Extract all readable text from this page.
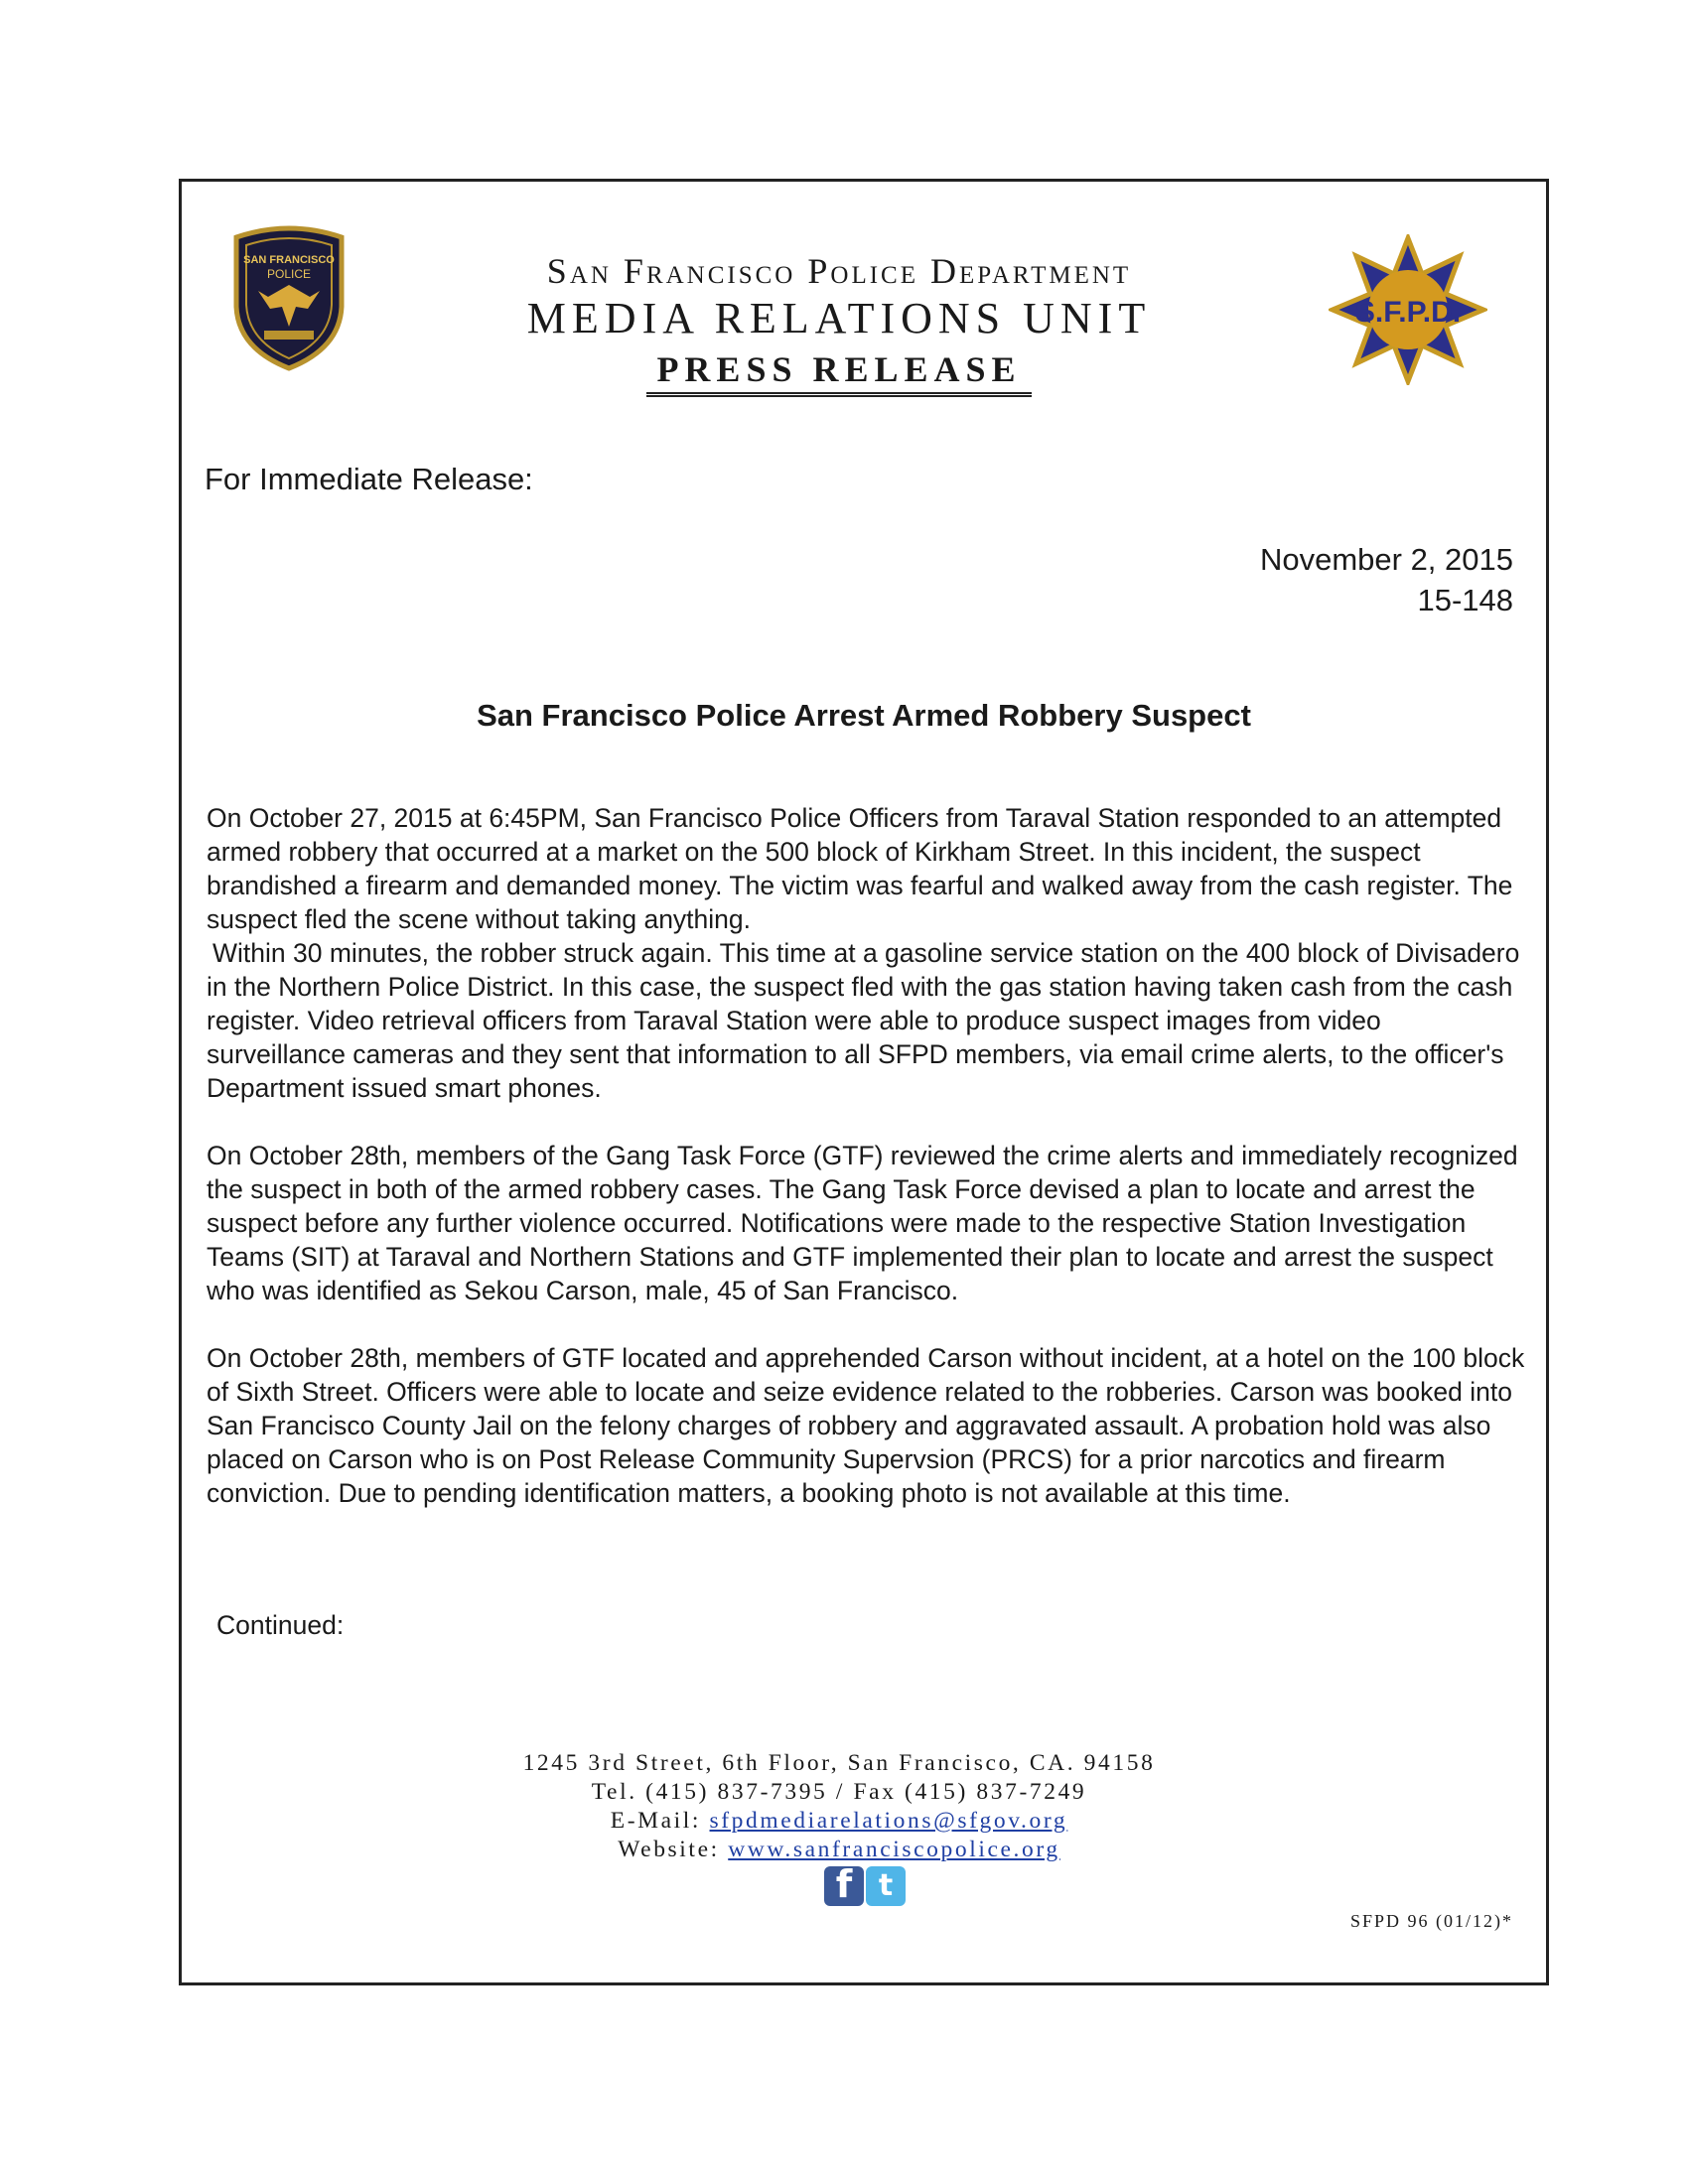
SAN FRANCISCO
POLICE
S.F.P.D.
San Francisco Police Department
MEDIA RELATIONS UNIT
PRESS RELEASE
For Immediate Release:
November 2, 2015
15-148
San Francisco Police Arrest Armed Robbery Suspect

On October 27, 2015 at 6:45PM, San Francisco Police Officers from Taraval Station responded to an attempted armed robbery that occurred at a market on the 500 block of Kirkham Street. In this incident, the suspect brandished a firearm and demanded money. The victim was fearful and walked away from the cash register. The suspect fled the scene without taking anything.
Within 30 minutes, the robber struck again. This time at a gasoline service station on the 400 block of Divisadero in the Northern Police District. In this case, the suspect fled with the gas station having taken cash from the cash register. Video retrieval officers from Taraval Station were able to produce suspect images from video surveillance cameras and they sent that information to all SFPD members, via email crime alerts, to the officer's Department issued smart phones.

On October 28th, members of the Gang Task Force (GTF) reviewed the crime alerts and immediately recognized the suspect in both of the armed robbery cases. The Gang Task Force devised a plan to locate and arrest the suspect before any further violence occurred. Notifications were made to the respective Station Investigation Teams (SIT) at Taraval and Northern Stations and GTF implemented their plan to locate and arrest the suspect who was identified as Sekou Carson, male, 45 of San Francisco.

On October 28th, members of GTF located and apprehended Carson without incident, at a hotel on the 100 block of Sixth Street. Officers were able to locate and seize evidence related to the robberies. Carson was booked into San Francisco County Jail on the felony charges of robbery and aggravated assault. A probation hold was also placed on Carson who is on Post Release Community Supervsion (PRCS) for a prior narcotics and firearm conviction. Due to pending identification matters, a booking photo is not available at this time.

Continued:
1245 3rd Street, 6th Floor, San Francisco, CA. 94158
Tel. (415) 837-7395 / Fax (415) 837-7249
E-Mail: sfpdmediarelations@sfgov.org
Website: www.sanfranciscopolice.org
f t
SFPD 96 (01/12)*
